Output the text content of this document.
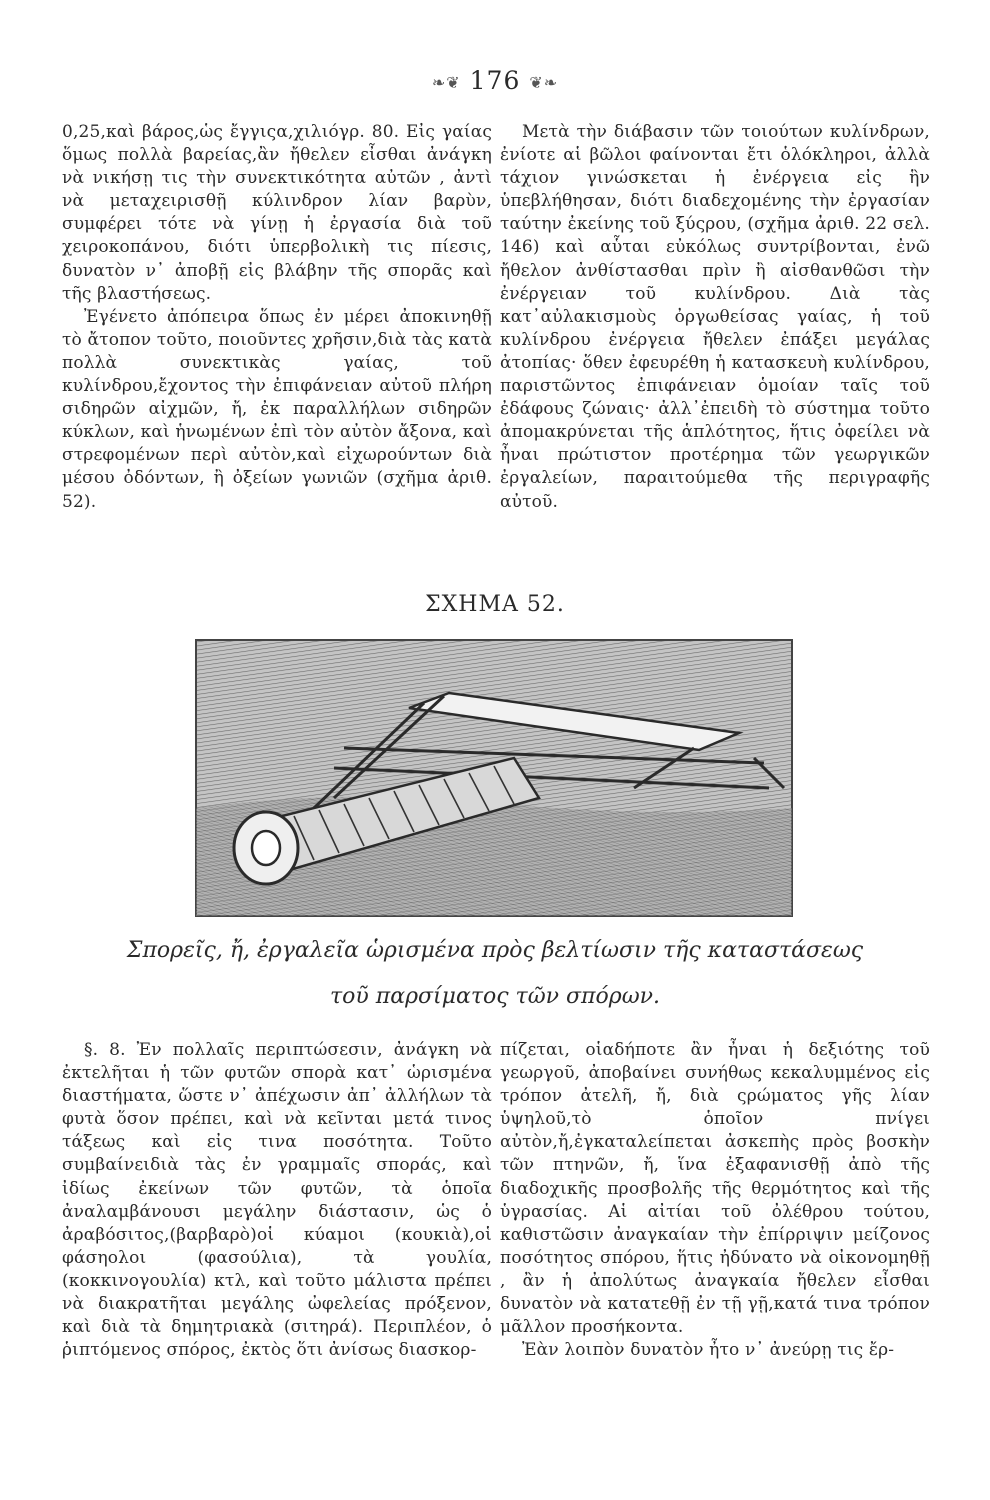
❧❦ 176 ❦❧

0,25,καὶ βάρος,ὡς ἔγγιςα,χιλιόγρ. 80. Εἰς γαίας ὅμως πολλὰ βαρείας,ἂν ἤθελεν εἶσθαι ἀνάγκη νὰ νικήσῃ τις τὴν συνεκτικότητα αὐτῶν , ἀντὶ νὰ μεταχειρισθῇ κύλινδρον λίαν βαρὺν, συμφέρει τότε νὰ γίνῃ ἡ ἐργασία διὰ τοῦ χειροκοπάνου, διότι ὑπερβολικὴ τις πίεσις, δυνατὸν ν᾽ ἀποβῇ εἰς βλάβην τῆς σπορᾶς καὶ τῆς βλαστήσεως.

Ἐγένετο ἀπόπειρα ὅπως ἐν μέρει ἀποκινηθῇ τὸ ἄτοπον τοῦτο, ποιοῦντες χρῆσιν,διὰ τὰς κατὰ πολλὰ συνεκτικὰς γαίας, τοῦ κυλίνδρου,ἔχοντος τὴν ἐπιφάνειαν αὐτοῦ πλήρη σιδηρῶν αἰχμῶν, ἤ, ἐκ παραλλήλων σιδηρῶν κύκλων, καὶ ἡνωμένων ἐπὶ τὸν αὐτὸν ἄξονα, καὶ στρεφομένων περὶ αὐτὸν,καὶ εἰχωρούντων διὰ μέσου ὀδόντων, ἢ ὀξείων γωνιῶν (σχῆμα ἀριθ. 52).

Μετὰ τὴν διάβασιν τῶν τοιούτων κυλίνδρων, ἐνίοτε αἱ βῶλοι φαίνονται ἔτι ὁλόκληροι, ἀλλὰ τάχιον γινώσκεται ἡ ἐνέργεια εἰς ἣν ὑπεβλήθησαν, διότι διαδεχομένης τὴν ἐργασίαν ταύτην ἐκείνης τοῦ ξύςρου, (σχῆμα ἀριθ. 22 σελ. 146) καὶ αὗται εὐκόλως συντρίβονται, ἐνῶ ἤθελον ἀνθίστασθαι πρὶν ἢ αἰσθανθῶσι τὴν ἐνέργειαν τοῦ κυλίνδρου. Διὰ τὰς κατ᾽αὐλακισμοὺς ὀργωθείσας γαίας, ἡ τοῦ κυλίνδρου ἐνέργεια ἤθελεν ἐπάξει μεγάλας ἀτοπίας· ὅθεν ἐφευρέθη ἡ κατασκευὴ κυλίνδρου, παριστῶντος ἐπιφάνειαν ὁμοίαν ταῖς τοῦ ἐδάφους ζώναις· ἀλλ᾽ἐπειδὴ τὸ σύστημα τοῦτο ἀπομακρύνεται τῆς ἁπλότητος, ἥτις ὀφείλει νὰ ἦναι πρώτιστον προτέρημα τῶν γεωργικῶν ἐργαλείων, παραιτούμεθα τῆς περιγραφῆς αὐτοῦ.

ΣΧΗΜΑ 52.
Σπορεῖς, ἤ, ἐργαλεῖα ὡρισμένα πρὸς βελτίωσιν τῆς καταστάσεως
τοῦ παρσίματος τῶν σπόρων.

§. 8. Ἐν πολλαῖς περιπτώσεσιν, ἀνάγκη νὰ ἐκτελῆται ἡ τῶν φυτῶν σπορὰ κατ᾽ ὡρισμένα διαστήματα, ὥστε ν᾽ ἀπέχωσιν ἀπ᾽ ἀλλήλων τὰ φυτὰ ὅσον πρέπει, καὶ νὰ κεῖνται μετά τινος τάξεως καὶ εἰς τινα ποσότητα. Τοῦτο συμβαίνειδιὰ τὰς ἐν γραμμαῖς σποράς, καὶ ἰδίως ἐκείνων τῶν φυτῶν, τὰ ὁποῖα ἀναλαμβάνουσι μεγάλην διάστασιν, ὡς ὁ ἀραβόσιτος,(βαρβαρὸ)οἱ κύαμοι (κουκιὰ),οἱ φάσηολοι (φασούλια), τὰ γουλία, (κοκκινογουλία) κτλ, καὶ τοῦτο μάλιστα πρέπει νὰ διακρατῆται μεγάλης ὠφελείας πρόξενον, καὶ διὰ τὰ δημητριακὰ (σιτηρά). Περιπλέον, ὁ ῥιπτόμενος σπόρος, ἐκτὸς ὅτι ἀνίσως διασκορ-

πίζεται, οἱαδήποτε ἂν ἦναι ἡ δεξιότης τοῦ γεωργοῦ, ἀποβαίνει συνήθως κεκαλυμμένος εἰς τρόπον ἀτελῆ, ἤ, διὰ ςρώματος γῆς λίαν ὑψηλοῦ,τὸ ὁποῖον πνίγει αὐτὸν,ἤ,ἐγκαταλείπεται ἀσκεπὴς πρὸς βοσκὴν τῶν πτηνῶν, ἤ, ἵνα ἐξαφανισθῇ ἀπὸ τῆς διαδοχικῆς προσβολῆς τῆς θερμότητος καὶ τῆς ὑγρασίας. Αἱ αἰτίαι τοῦ ὀλέθρου τούτου, καθιστῶσιν ἀναγκαίαν τὴν ἐπίρριψιν μείζονος ποσότητος σπόρου, ἥτις ἠδύνατο νὰ οἰκονομηθῇ , ἂν ἡ ἀπολύτως ἀναγκαία ἤθελεν εἶσθαι δυνατὸν νὰ κατατεθῇ ἐν τῇ γῇ,κατά τινα τρόπον μᾶλλον προσήκοντα.

Ἐὰν λοιπὸν δυνατὸν ἦτο ν᾽ ἀνεύρῃ τις ἔρ-
